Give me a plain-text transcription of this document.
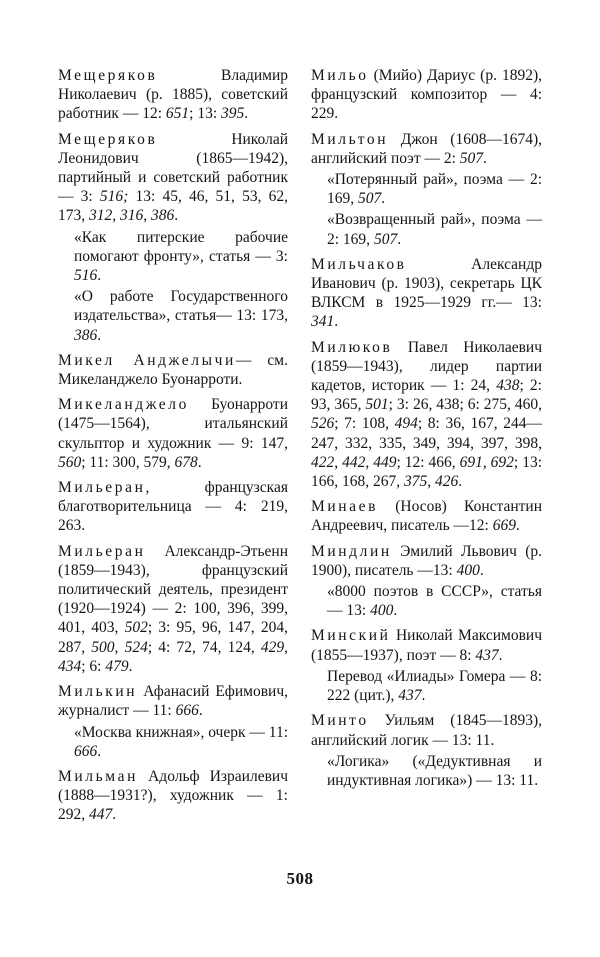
Мещеряков Владимир Николаевич (р. 1885), советский работник — 12: 651; 13: 395.

Мещеряков Николай Леонидович (1865—1942), партийный и советский работник — 3: 516; 13: 45, 46, 51, 53, 62, 173, 312, 316, 386.

«Как питерские рабочие помогают фронту», статья — 3: 516.

«О работе Государственного издательства», статья— 13: 173, 386.

Микел Анджелычи— см. Микеланджело Буонарроти.

Микеланджело Буонарроти (1475—1564), итальянский скульптор и художник — 9: 147, 560; 11: 300, 579, 678.

Мильеран, французская благотворительница — 4: 219, 263.

Мильеран Александр-Этьенн (1859—1943), французский политический деятель, президент (1920—1924) — 2: 100, 396, 399, 401, 403, 502; 3: 95, 96, 147, 204, 287, 500, 524; 4: 72, 74, 124, 429, 434; 6: 479.

Милькин Афанасий Ефимович, журналист — 11: 666.

«Москва книжная», очерк — 11: 666.

Мильман Адольф Израилевич (1888—1931?), художник — 1: 292, 447.

Мильо (Мийо) Дариус (р. 1892), французский композитор — 4: 229.

Мильтон Джон (1608—1674), английский поэт — 2: 507.

«Потерянный рай», поэма — 2: 169, 507.

«Возвращенный рай», поэма — 2: 169, 507.

Мильчаков Александр Иванович (р. 1903), секретарь ЦК ВЛКСМ в 1925—1929 гг.— 13: 341.

Милюков Павел Николаевич (1859—1943), лидер партии кадетов, историк — 1: 24, 438; 2: 93, 365, 501; 3: 26, 438; 6: 275, 460, 526; 7: 108, 494; 8: 36, 167, 244—247, 332, 335, 349, 394, 397, 398, 422, 442, 449; 12: 466, 691, 692; 13: 166, 168, 267, 375, 426.

Минаев (Носов) Константин Андреевич, писатель —12: 669.

Миндлин Эмилий Львович (р. 1900), писатель —13: 400.

«8000 поэтов в СССР», статья — 13: 400.

Минский Николай Максимович (1855—1937), поэт — 8: 437.

Перевод «Илиады» Гомера — 8: 222 (цит.), 437.

Минто Уильям (1845—1893), английский логик — 13: 11.

«Логика» («Дедуктивная и индуктивная логика») — 13: 11.

508
